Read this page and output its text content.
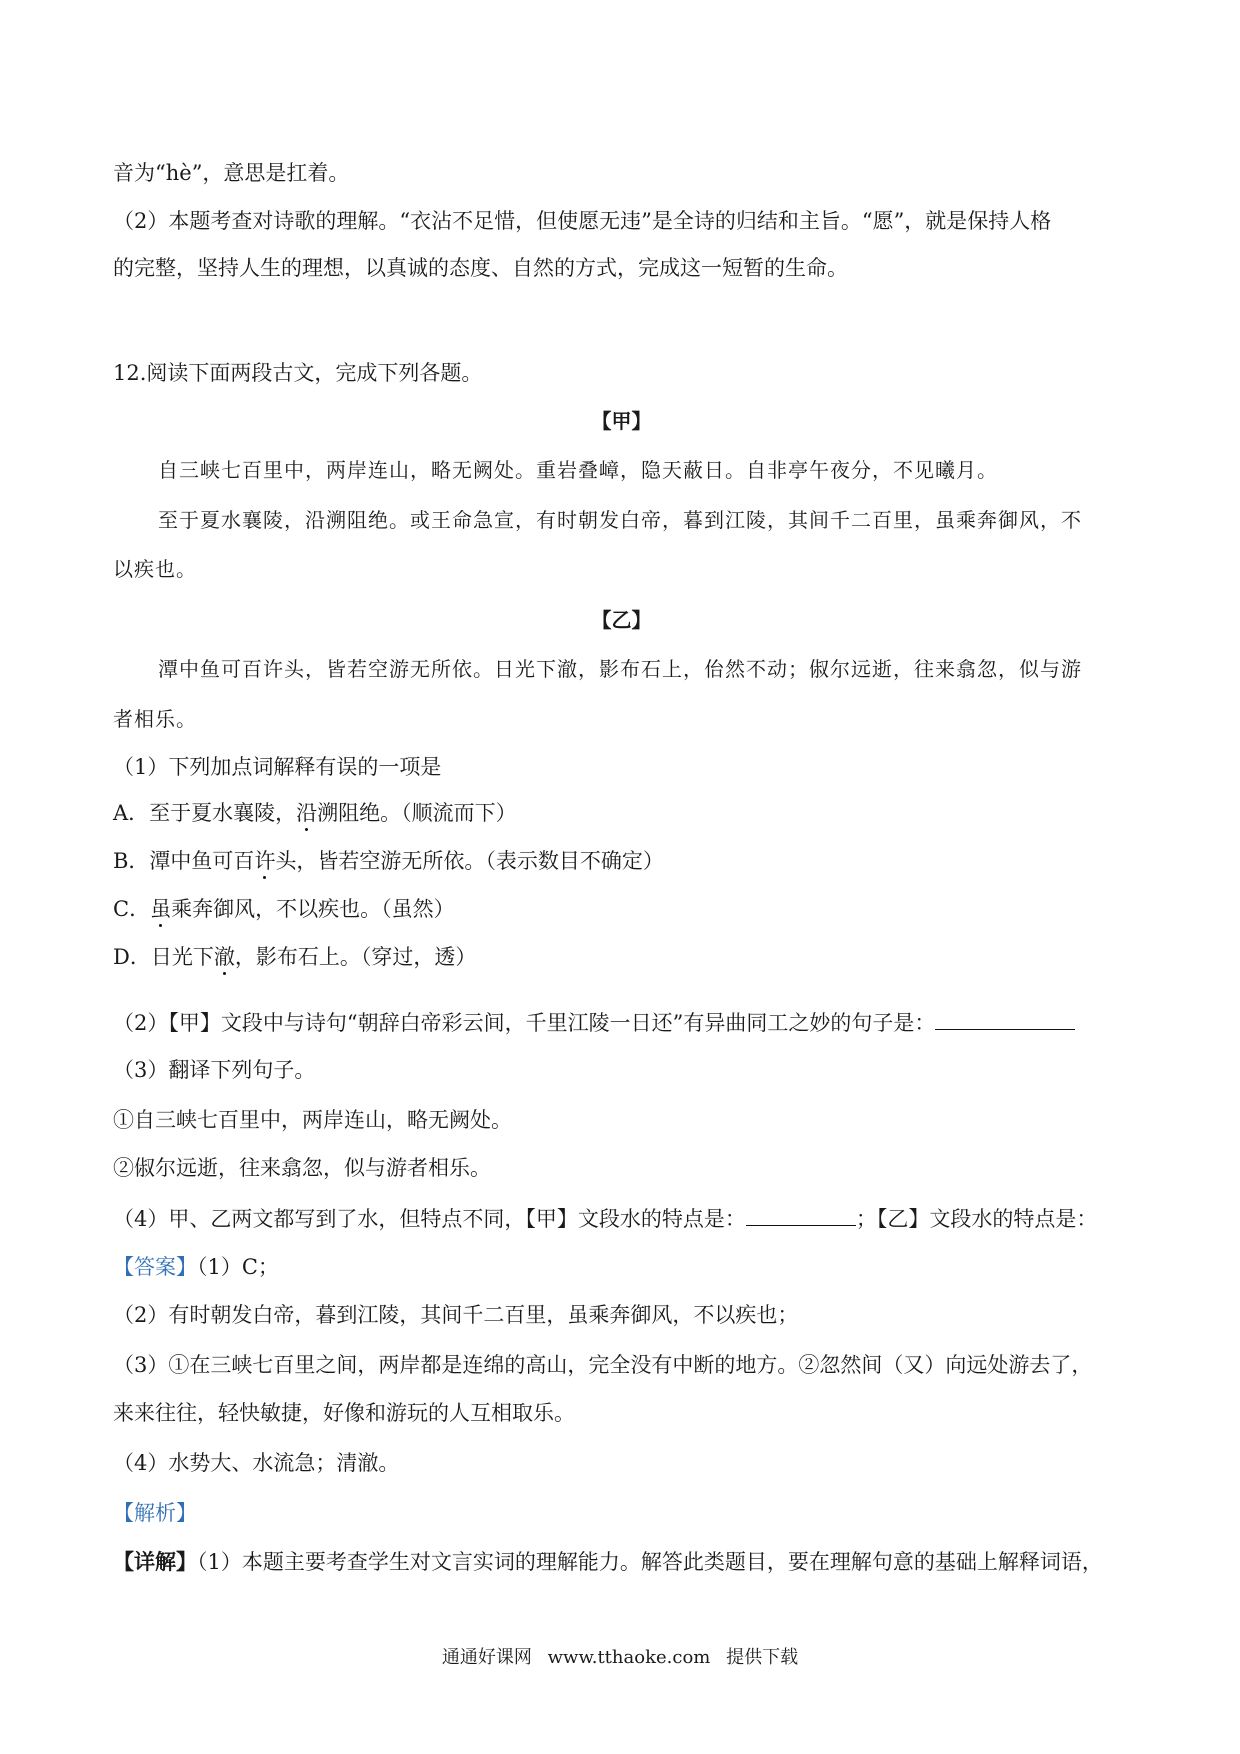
音为“hè”，意思是扛着。
（2）本题考查对诗歌的理解。“衣沾不足惜，但使愿无违”是全诗的归结和主旨。“愿”，就是保持人格
的完整，坚持人生的理想，以真诚的态度、自然的方式，完成这一短暂的生命。
12.阅读下面两段古文，完成下列各题。
【甲】
自三峡七百里中，两岸连山，略无阙处。重岩叠嶂，隐天蔽日。自非亭午夜分，不见曦月。
至于夏水襄陵，沿溯阻绝。或王命急宣，有时朝发白帝，暮到江陵，其间千二百里，虽乘奔御风，不
以疾也。
【乙】
潭中鱼可百许头，皆若空游无所依。日光下澈，影布石上，佁然不动；俶尔远逝，往来翕忽，似与游
者相乐。
（1）下列加点词解释有误的一项是
A．至于夏水襄陵，沿溯阻绝。（顺流而下）
B．潭中鱼可百许头，皆若空游无所依。（表示数目不确定）
C．虽乘奔御风，不以疾也。（虽然）
D．日光下澈，影布石上。（穿过，透）
（2）【甲】文段中与诗句“朝辞白帝彩云间，千里江陵一日还”有异曲同工之妙的句子是：
（3）翻译下列句子。
①自三峡七百里中，两岸连山，略无阙处。
②俶尔远逝，往来翕忽，似与游者相乐。
（4）甲、乙两文都写到了水，但特点不同，【甲】文段水的特点是：	；【乙】文段水的特点是：
【答案】（1）C；
（2）有时朝发白帝，暮到江陵，其间千二百里，虽乘奔御风，不以疾也；
（3）①在三峡七百里之间，两岸都是连绵的高山，完全没有中断的地方。②忽然间（又）向远处游去了，
来来往往，轻快敏捷，好像和游玩的人互相取乐。
（4）水势大、水流急；清澈。
【解析】
【详解】（1）本题主要考查学生对文言实词的理解能力。解答此类题目，要在理解句意的基础上解释词语，
通通好课网 www.tthaoke.com 提供下载
